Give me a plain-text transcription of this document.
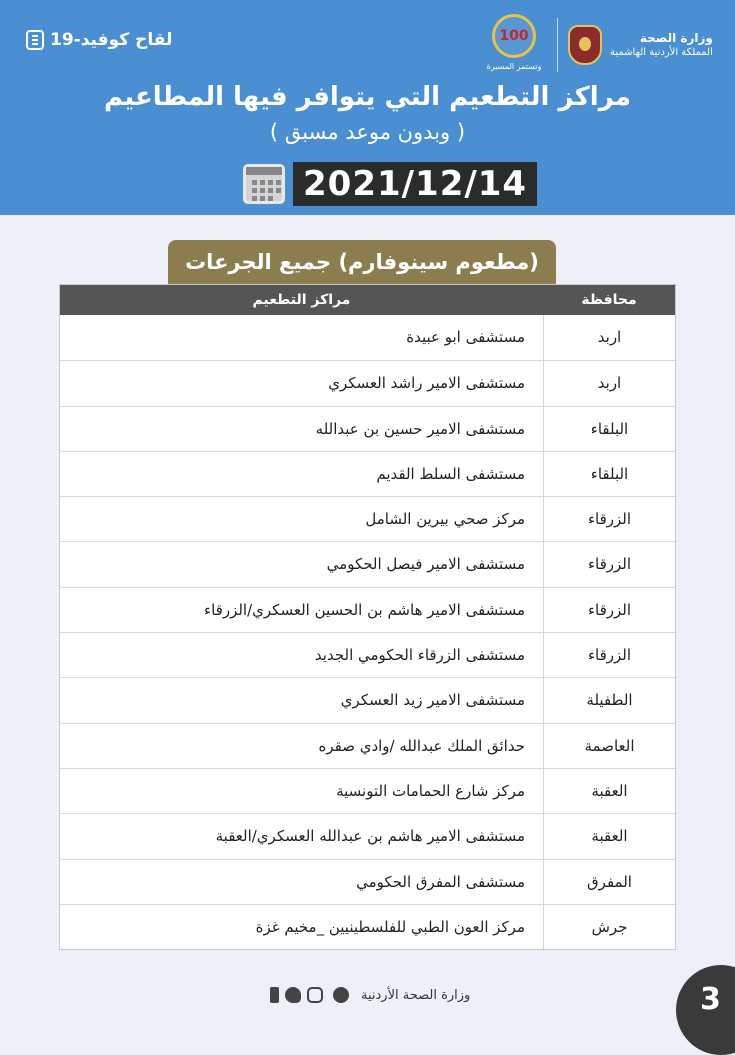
لقاح كوفيد-19	100
وتستمر المسيرة
وزارة الصحة
المملكة الأردنية الهاشمية
مراكز التطعيم التي يتوافر فيها المطاعيم
( وبدون موعد مسبق )
2021/12/14
(مطعوم سينوفارم) جميع الجرعات
محافظة
مراكز التطعيم
اربد
مستشفى ابو عبيدة
اربد
مستشفى الامير راشد العسكري
البلقاء
مستشفى الامير حسين بن عبدالله
البلقاء
مستشفى السلط القديم
الزرقاء
مركز صحي بيرين الشامل
الزرقاء
مستشفى الامير فيصل الحكومي
الزرقاء
مستشفى الامير هاشم بن الحسين العسكري/الزرقاء
الزرقاء
مستشفى الزرقاء الحكومي الجديد
الطفيلة
مستشفى الامير زيد العسكري
العاصمة
حدائق الملك عبدالله /وادي صقره
العقبة
مركز شارع الحمامات التونسية
العقبة
مستشفى الامير هاشم بن عبدالله العسكري/العقبة
المفرق
مستشفى المفرق الحكومي
جرش
مركز العون الطبي للفلسطينيين _مخيم غزة
وزارة الصحة الأردنية	3
